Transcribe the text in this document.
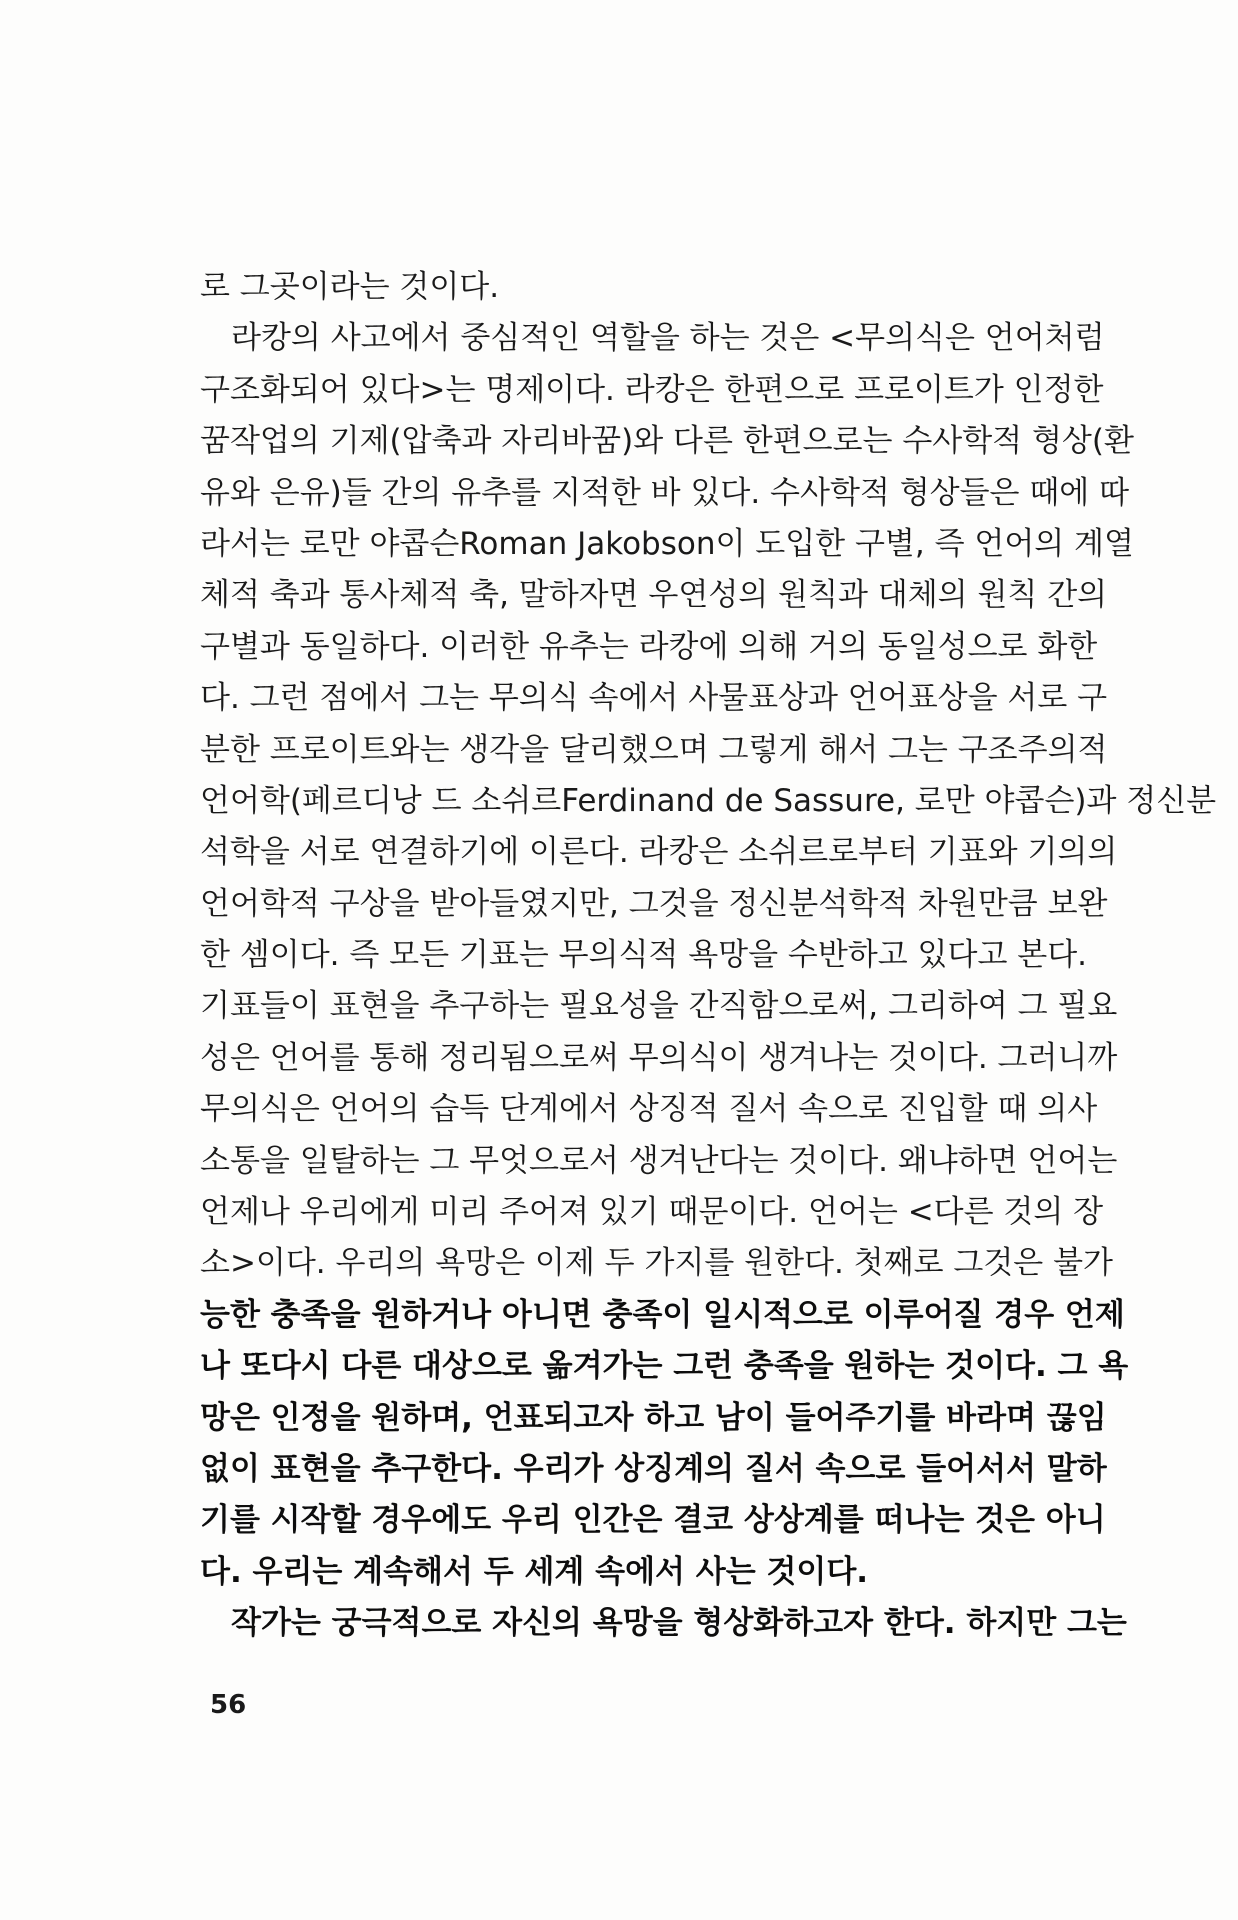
로 그곳이라는 것이다.
라캉의 사고에서 중심적인 역할을 하는 것은 <무의식은 언어처럼
구조화되어 있다>는 명제이다. 라캉은 한편으로 프로이트가 인정한
꿈작업의 기제(압축과 자리바꿈)와 다른 한편으로는 수사학적 형상(환
유와 은유)들 간의 유추를 지적한 바 있다. 수사학적 형상들은 때에 따
라서는 로만 야콥슨Roman Jakobson이 도입한 구별, 즉 언어의 계열
체적 축과 통사체적 축, 말하자면 우연성의 원칙과 대체의 원칙 간의
구별과 동일하다. 이러한 유추는 라캉에 의해 거의 동일성으로 화한
다. 그런 점에서 그는 무의식 속에서 사물표상과 언어표상을 서로 구
분한 프로이트와는 생각을 달리했으며 그렇게 해서 그는 구조주의적
언어학(페르디낭 드 소쉬르Ferdinand de Sassure, 로만 야콥슨)과 정신분
석학을 서로 연결하기에 이른다. 라캉은 소쉬르로부터 기표와 기의의
언어학적 구상을 받아들였지만, 그것을 정신분석학적 차원만큼 보완
한 셈이다. 즉 모든 기표는 무의식적 욕망을 수반하고 있다고 본다.
기표들이 표현을 추구하는 필요성을 간직함으로써, 그리하여 그 필요
성은 언어를 통해 정리됨으로써 무의식이 생겨나는 것이다. 그러니까
무의식은 언어의 습득 단계에서 상징적 질서 속으로 진입할 때 의사
소통을 일탈하는 그 무엇으로서 생겨난다는 것이다. 왜냐하면 언어는
언제나 우리에게 미리 주어져 있기 때문이다. 언어는 <다른 것의 장
소>이다. 우리의 욕망은 이제 두 가지를 원한다. 첫째로 그것은 불가
능한 충족을 원하거나 아니면 충족이 일시적으로 이루어질 경우 언제
나 또다시 다른 대상으로 옮겨가는 그런 충족을 원하는 것이다. 그 욕
망은 인정을 원하며, 언표되고자 하고 남이 들어주기를 바라며 끊임
없이 표현을 추구한다. 우리가 상징계의 질서 속으로 들어서서 말하
기를 시작할 경우에도 우리 인간은 결코 상상계를 떠나는 것은 아니
다. 우리는 계속해서 두 세계 속에서 사는 것이다.
작가는 궁극적으로 자신의 욕망을 형상화하고자 한다. 하지만 그는
56
